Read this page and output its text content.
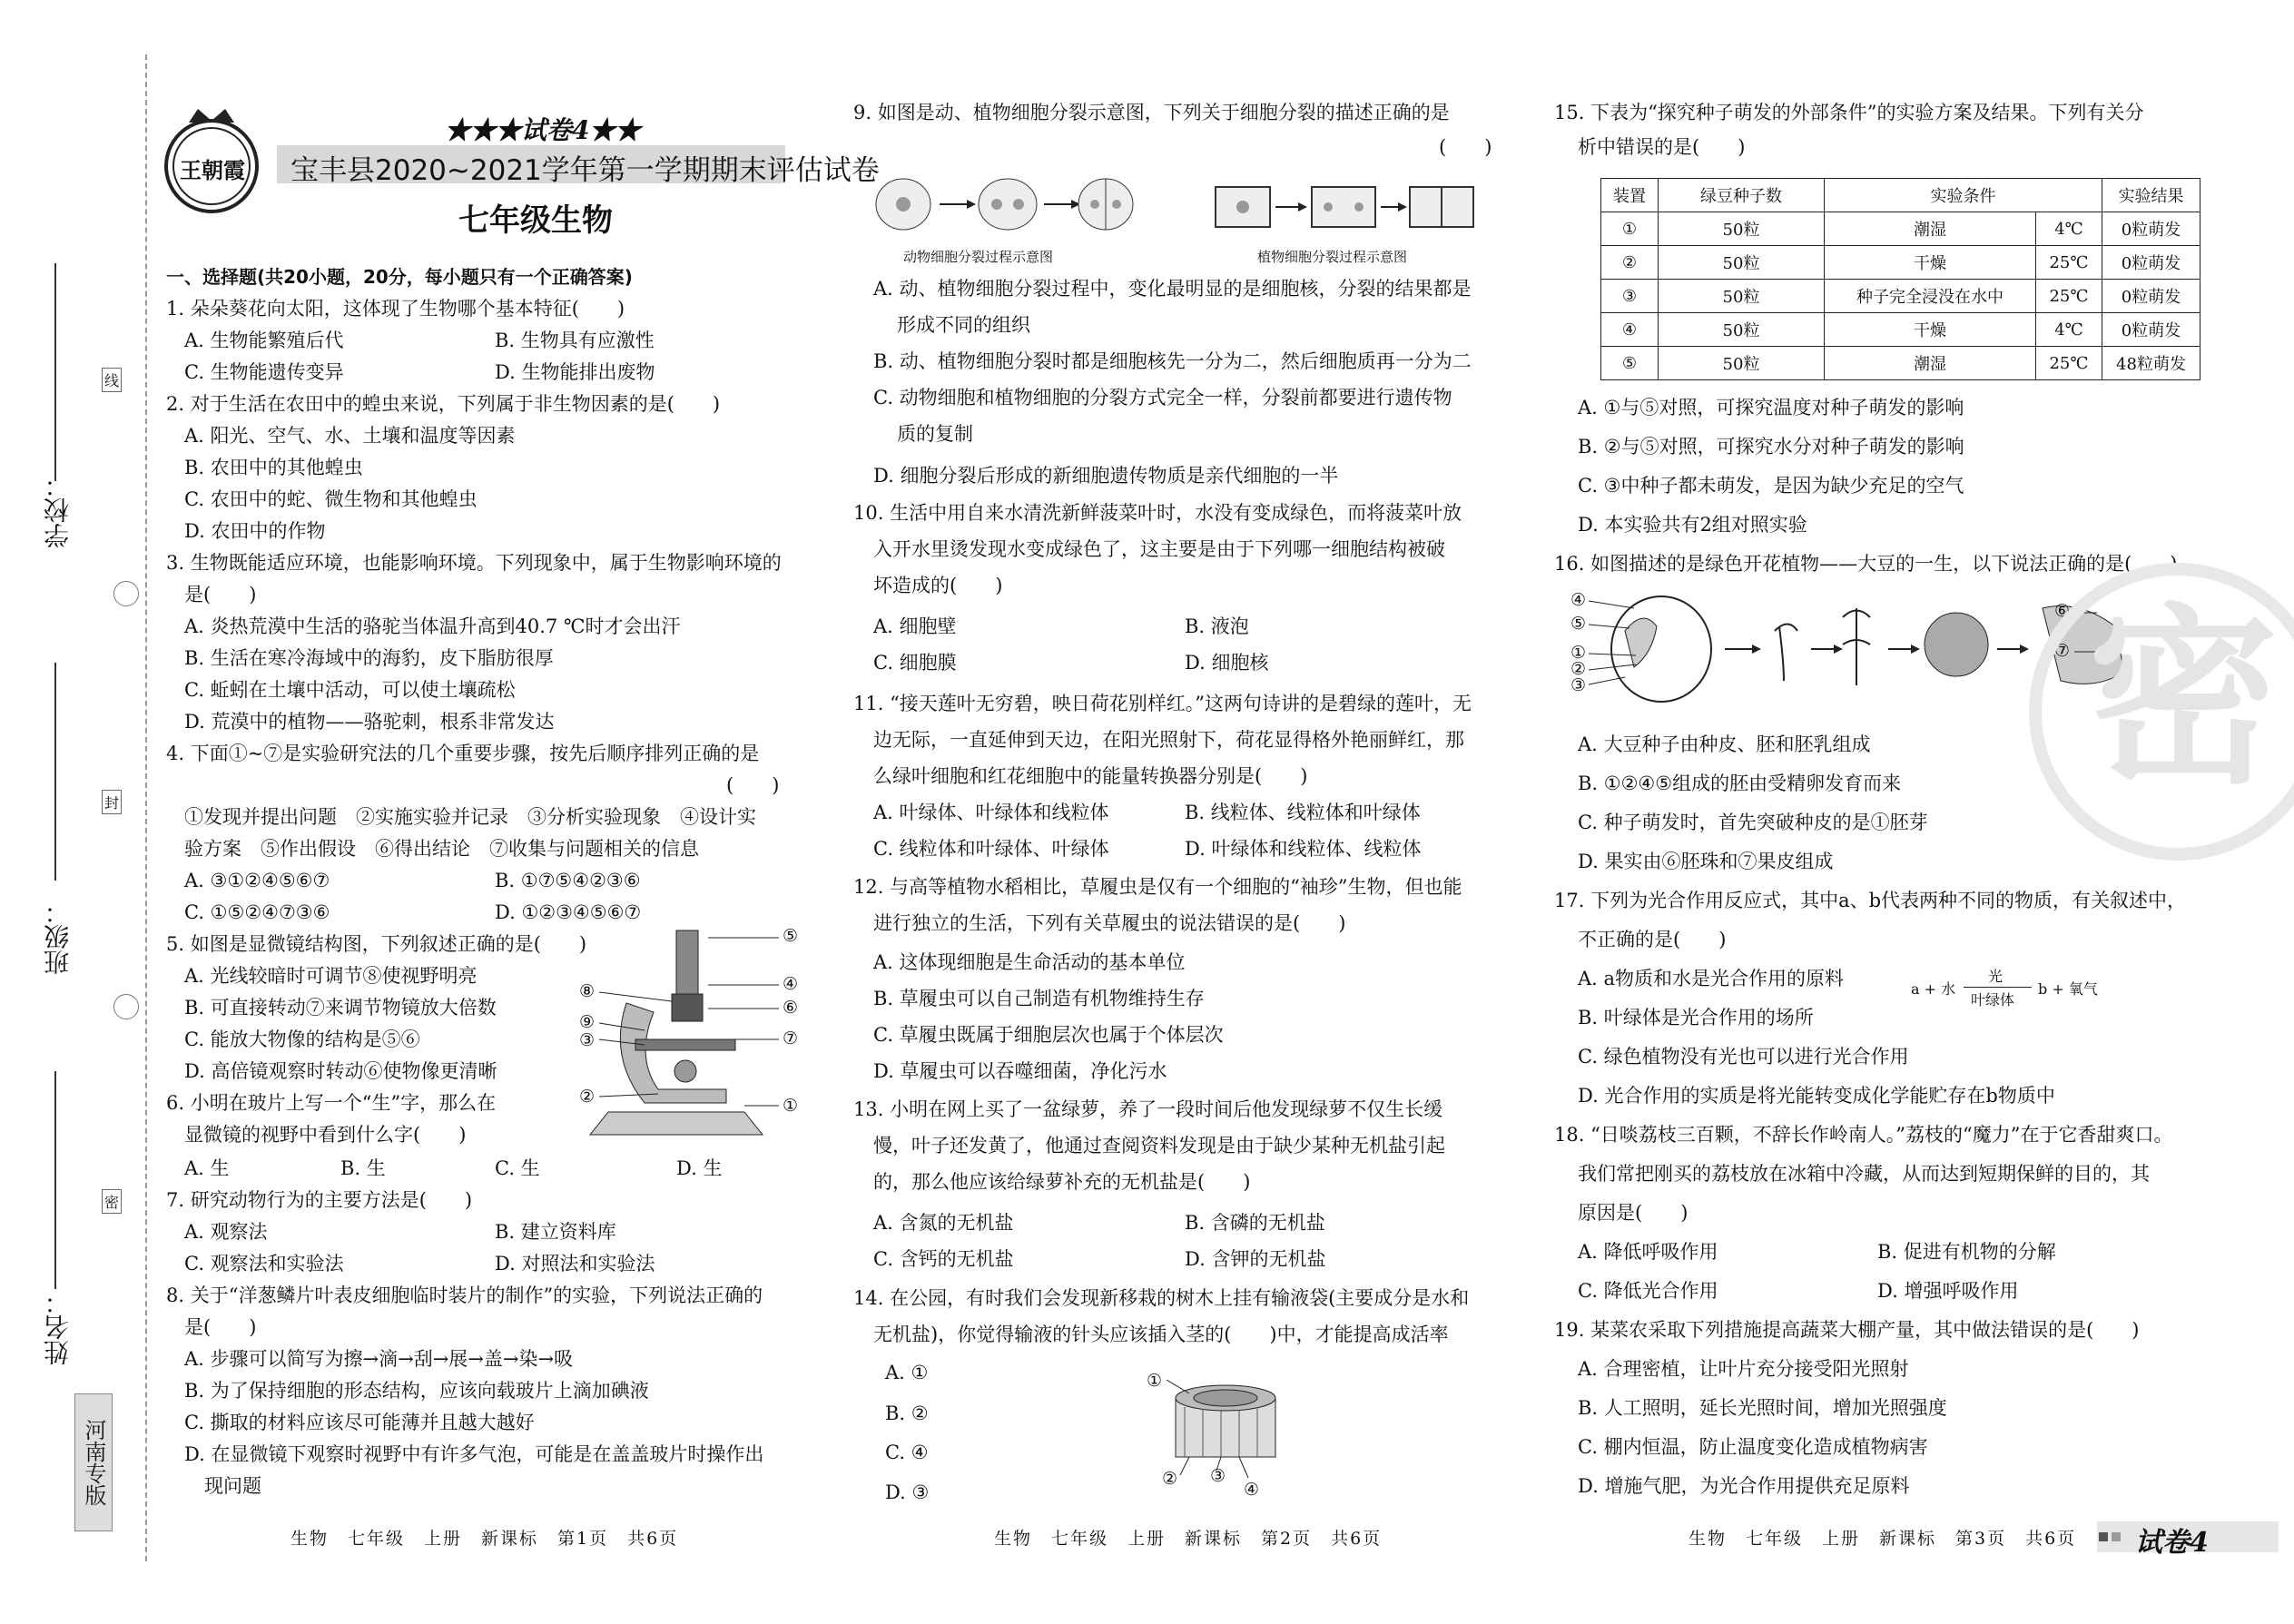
学校：
班级：
姓名：
线
封
密
河南专版
王朝霞
★★★试卷4★★
宝丰县2020~2021学年第一学期期末评估试卷
七年级生物
一、选择题(共20小题，20分，每小题只有一个正确答案)
1. 朵朵葵花向太阳，这体现了生物哪个基本特征(　　)
A. 生物能繁殖后代	B. 生物具有应激性
C. 生物能遗传变异	D. 生物能排出废物
2. 对于生活在农田中的蝗虫来说，下列属于非生物因素的是(　　)
A. 阳光、空气、水、土壤和温度等因素
B. 农田中的其他蝗虫
C. 农田中的蛇、微生物和其他蝗虫
D. 农田中的作物
3. 生物既能适应环境，也能影响环境。下列现象中，属于生物影响环境的
是(　　)
A. 炎热荒漠中生活的骆驼当体温升高到40.7 ℃时才会出汗
B. 生活在寒冷海域中的海豹，皮下脂肪很厚
C. 蚯蚓在土壤中活动，可以使土壤疏松
D. 荒漠中的植物——骆驼刺，根系非常发达
4. 下面①~⑦是实验研究法的几个重要步骤，按先后顺序排列正确的是
(　　)
①发现并提出问题　②实施实验并记录　③分析实验现象　④设计实
验方案　⑤作出假设　⑥得出结论　⑦收集与问题相关的信息
A. ③①②④⑤⑥⑦	B. ①⑦⑤④②③⑥
C. ①⑤②④⑦③⑥	D. ①②③④⑤⑥⑦
5. 如图是显微镜结构图，下列叙述正确的是(　　)
A. 光线较暗时可调节⑧使视野明亮
B. 可直接转动⑦来调节物镜放大倍数
C. 能放大物像的结构是⑤⑥
D. 高倍镜观察时转动⑥使物像更清晰
⑤
⑧	④
⑥
⑨
③	⑦
②	①
6. 小明在玻片上写一个“生”字，那么在
显微镜的视野中看到什么字(　　)
A. 生	B. 生	C. 生	D. 生
7. 研究动物行为的主要方法是(　　)
A. 观察法	B. 建立资料库
C. 观察法和实验法	D. 对照法和实验法
8. 关于“洋葱鳞片叶表皮细胞临时装片的制作”的实验，下列说法正确的
是(　　)
A. 步骤可以简写为擦→滴→刮→展→盖→染→吸
B. 为了保持细胞的形态结构，应该向载玻片上滴加碘液
C. 撕取的材料应该尽可能薄并且越大越好
D. 在显微镜下观察时视野中有许多气泡，可能是在盖盖玻片时操作出
现问题
生物　七年级　上册　新课标　第1页　共6页
9. 如图是动、植物细胞分裂示意图，下列关于细胞分裂的描述正确的是
(　　)
动物细胞分裂过程示意图	植物细胞分裂过程示意图
A. 动、植物细胞分裂过程中，变化最明显的是细胞核，分裂的结果都是
形成不同的组织
B. 动、植物细胞分裂时都是细胞核先一分为二，然后细胞质再一分为二
C. 动物细胞和植物细胞的分裂方式完全一样，分裂前都要进行遗传物
质的复制
D. 细胞分裂后形成的新细胞遗传物质是亲代细胞的一半
10. 生活中用自来水清洗新鲜菠菜叶时，水没有变成绿色，而将菠菜叶放
入开水里烫发现水变成绿色了，这主要是由于下列哪一细胞结构被破
坏造成的(　　)
A. 细胞壁	B. 液泡
C. 细胞膜	D. 细胞核
11. “接天莲叶无穷碧，映日荷花别样红。”这两句诗讲的是碧绿的莲叶，无
边无际，一直延伸到天边，在阳光照射下，荷花显得格外艳丽鲜红，那
么绿叶细胞和红花细胞中的能量转换器分别是(　　)
A. 叶绿体、叶绿体和线粒体	B. 线粒体、线粒体和叶绿体
C. 线粒体和叶绿体、叶绿体	D. 叶绿体和线粒体、线粒体
12. 与高等植物水稻相比，草履虫是仅有一个细胞的“袖珍”生物，但也能
进行独立的生活，下列有关草履虫的说法错误的是(　　)
A. 这体现细胞是生命活动的基本单位
B. 草履虫可以自己制造有机物维持生存
C. 草履虫既属于细胞层次也属于个体层次
D. 草履虫可以吞噬细菌，净化污水
13. 小明在网上买了一盆绿萝，养了一段时间后他发现绿萝不仅生长缓
慢，叶子还发黄了，他通过查阅资料发现是由于缺少某种无机盐引起
的，那么他应该给绿萝补充的无机盐是(　　)
A. 含氮的无机盐	B. 含磷的无机盐
C. 含钙的无机盐	D. 含钾的无机盐
14. 在公园，有时我们会发现新移栽的树木上挂有输液袋(主要成分是水和
无机盐)，你觉得输液的针头应该插入茎的(　　)中，才能提高成活率
A. ①
B. ②
C. ④
D. ③
①
② ③
④
生物　七年级　上册　新课标　第2页　共6页
15. 下表为“探究种子萌发的外部条件”的实验方案及结果。下列有关分
析中错误的是(　　)
装置	绿豆种子数	实验条件		实验结果
①	50粒	潮湿	4℃	0粒萌发
②	50粒	干燥	25℃	0粒萌发
③	50粒	种子完全浸没在水中	25℃	0粒萌发
④	50粒	干燥	4℃	0粒萌发
⑤	50粒	潮湿	25℃	48粒萌发
A. ①与⑤对照，可探究温度对种子萌发的影响
B. ②与⑤对照，可探究水分对种子萌发的影响
C. ③中种子都未萌发，是因为缺少充足的空气
D. 本实验共有2组对照实验
16. 如图描述的是绿色开花植物——大豆的一生，以下说法正确的是(　　)
④
⑤
①
②
③
⑥
⑦
A. 大豆种子由种皮、胚和胚乳组成
B. ①②④⑤组成的胚由受精卵发育而来
C. 种子萌发时，首先突破种皮的是①胚芽
D. 果实由⑥胚珠和⑦果皮组成
17. 下列为光合作用反应式，其中a、b代表两种不同的物质，有关叙述中，
不正确的是(　　)
A. a物质和水是光合作用的原料	a + 水
光
叶绿体
b + 氧气
B. 叶绿体是光合作用的场所
C. 绿色植物没有光也可以进行光合作用
D. 光合作用的实质是将光能转变成化学能贮存在b物质中
18. “日啖荔枝三百颗，不辞长作岭南人。”荔枝的“魔力”在于它香甜爽口。
我们常把刚买的荔枝放在冰箱中冷藏，从而达到短期保鲜的目的，其
原因是(　　)
A. 降低呼吸作用	B. 促进有机物的分解
C. 降低光合作用	D. 增强呼吸作用
19. 某菜农采取下列措施提高蔬菜大棚产量，其中做法错误的是(　　)
A. 合理密植，让叶片充分接受阳光照射
B. 人工照明，延长光照时间，增加光照强度
C. 棚内恒温，防止温度变化造成植物病害
D. 增施气肥，为光合作用提供充足原料
生物　七年级　上册　新课标　第3页　共6页 试卷4
密
